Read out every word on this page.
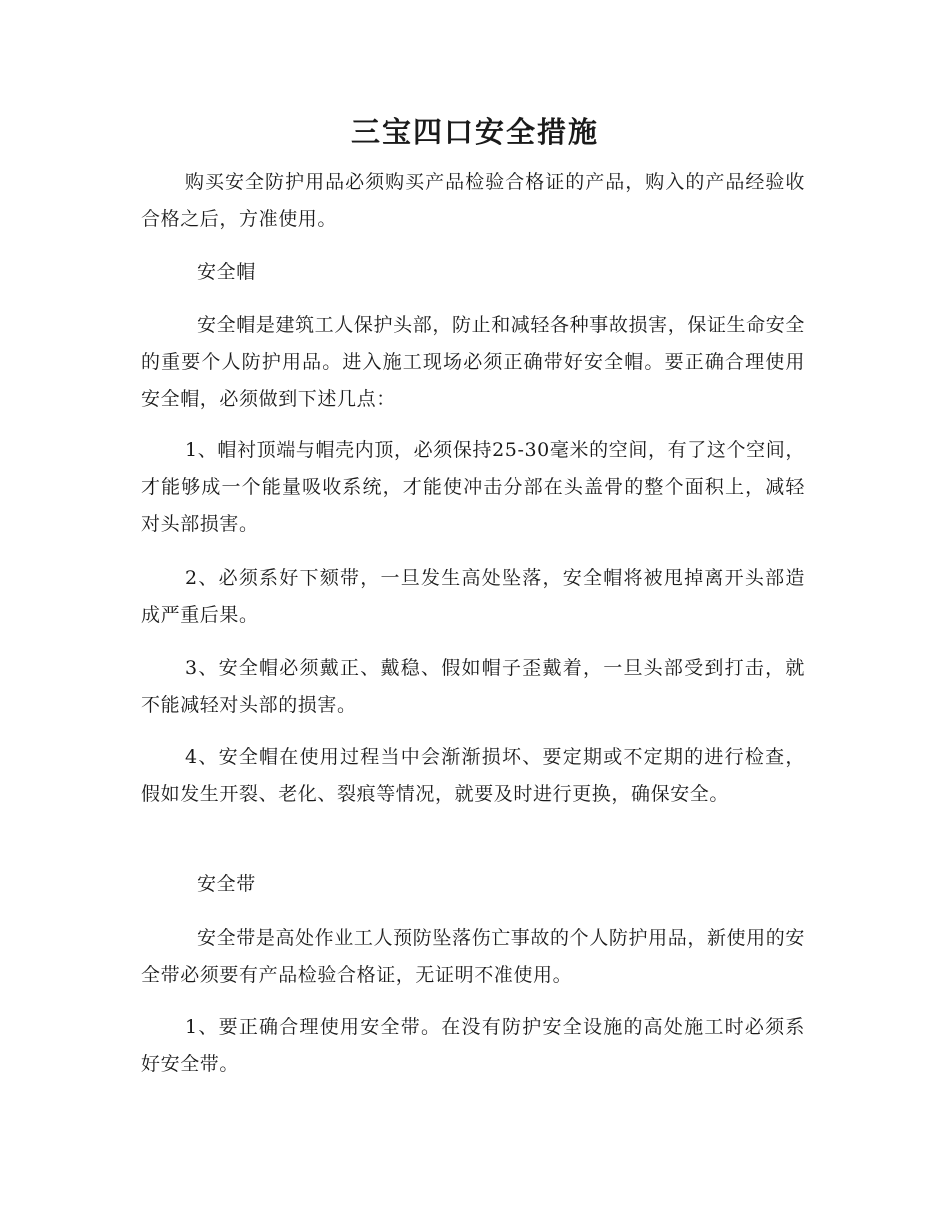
三宝四口安全措施

购买安全防护用品必须购买产品检验合格证的产品，购入的产品经验收合格之后，方准使用。

安全帽

安全帽是建筑工人保护头部，防止和减轻各种事故损害，保证生命安全的重要个人防护用品。进入施工现场必须正确带好安全帽。要正确合理使用安全帽，必须做到下述几点：

1、帽衬顶端与帽壳内顶，必须保持25-30毫米的空间，有了这个空间，才能够成一个能量吸收系统，才能使冲击分部在头盖骨的整个面积上，减轻对头部损害。

2、必须系好下颏带，一旦发生高处坠落，安全帽将被甩掉离开头部造成严重后果。

3、安全帽必须戴正、戴稳、假如帽子歪戴着，一旦头部受到打击，就不能减轻对头部的损害。

4、安全帽在使用过程当中会渐渐损坏、要定期或不定期的进行检查，假如发生开裂、老化、裂痕等情况，就要及时进行更换，确保安全。

安全带

安全带是高处作业工人预防坠落伤亡事故的个人防护用品，新使用的安全带必须要有产品检验合格证，无证明不准使用。

1、要正确合理使用安全带。在没有防护安全设施的高处施工时必须系好安全带。
